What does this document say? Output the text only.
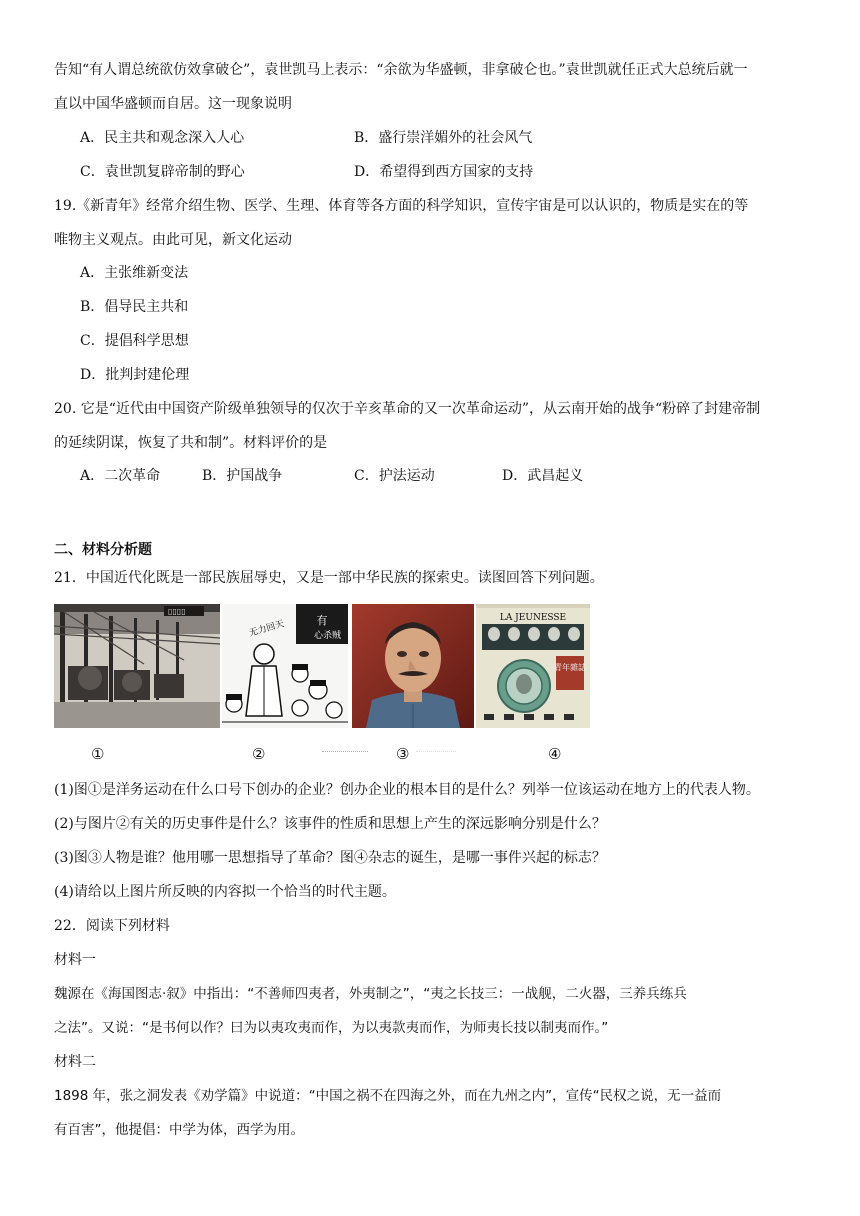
告知“有人谓总统欲仿效拿破仑”，袁世凯马上表示：“余欲为华盛顿，非拿破仑也。”袁世凯就任正式大总统后就一
直以中国华盛顿而自居。这一现象说明
A．民主共和观念深入人心	B．盛行崇洋媚外的社会风气
C．袁世凯复辟帝制的野心	D．希望得到西方国家的支持
19.《新青年》经常介绍生物、医学、生理、体育等各方面的科学知识，宣传宇宙是可以认识的，物质是实在的等
唯物主义观点。由此可见，新文化运动
A．主张维新变法
B．倡导民主共和
C．提倡科学思想
D．批判封建伦理
20. 它是“近代由中国资产阶级单独领导的仅次于辛亥革命的又一次革命运动”，从云南开始的战争“粉碎了封建帝制
的延续阴谋，恢复了共和制”。材料评价的是
A．二次革命	B．护国战争	C．护法运动	D．武昌起义
二、材料分析题
21．中国近代化既是一部民族屈辱史，又是一部中华民族的探索史。读图回答下列问题。
▯▯▯▯
有
无力回天	心杀贼
LA JEUNESSE
青年雜誌
①	②	③	④
(1)图①是洋务运动在什么口号下创办的企业？创办企业的根本目的是什么？列举一位该运动在地方上的代表人物。
(2)与图片②有关的历史事件是什么？该事件的性质和思想上产生的深远影响分别是什么？
(3)图③人物是谁？他用哪一思想指导了革命？图④杂志的诞生，是哪一事件兴起的标志？
(4)请给以上图片所反映的内容拟一个恰当的时代主题。
22．阅读下列材料
材料一
魏源在《海国图志·叙》中指出：“不善师四夷者，外夷制之”，“夷之长技三：一战舰，二火器，三养兵练兵
之法”。又说：“是书何以作？曰为以夷攻夷而作，为以夷款夷而作，为师夷长技以制夷而作。”
材料二
1898 年，张之洞发表《劝学篇》中说道：“中国之祸不在四海之外，而在九州之内”，宣传“民权之说，无一益而
有百害”，他提倡：中学为体，西学为用。
